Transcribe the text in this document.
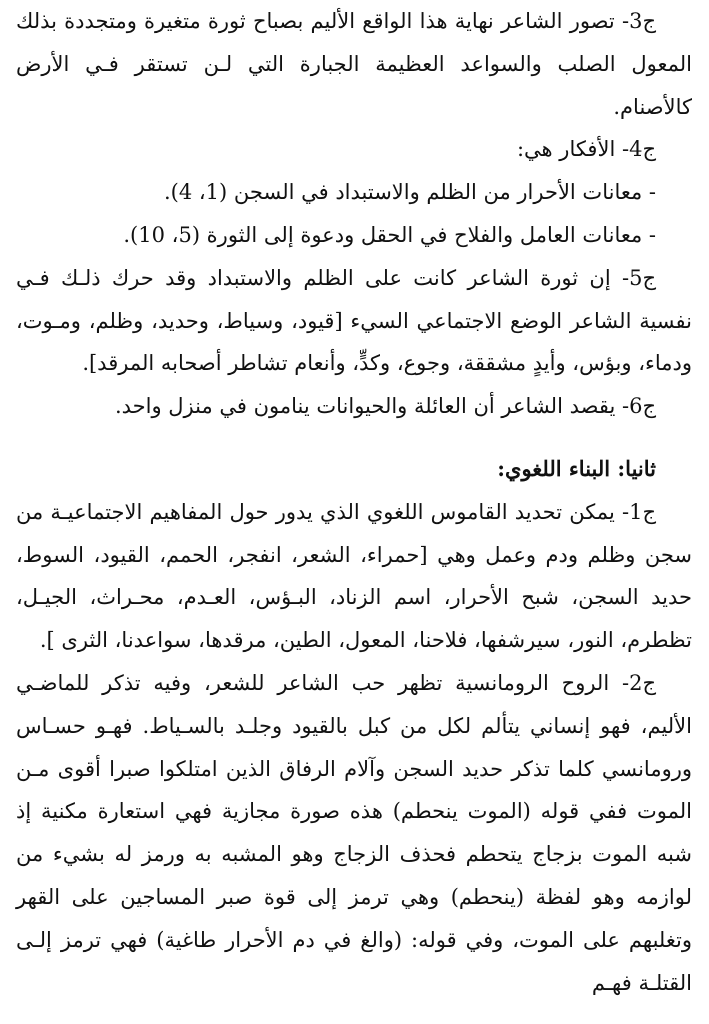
ج3- تصور الشاعر نهاية هذا الواقع الأليم بصباح ثورة متغيرة ومتجددة بذلك المعول الصلب والسواعد العظيمة الجبارة التي لـن تستقر فـي الأرض كالأصنام.

ج4- الأفكار هي:

- معانات الأحرار من الظلم والاستبداد في السجن (1، 4).

- معانات العامل والفلاح في الحقل ودعوة إلى الثورة (5، 10).

ج5- إن ثورة الشاعر كانت على الظلم والاستبداد وقد حرك ذلـك فـي نفسية الشاعر الوضع الاجتماعي السيء [قيود، وسياط، وحديد، وظلم، ومـوت، ودماء، وبؤس، وأيدٍ مشققة، وجوع، وكدٍّ، وأنعام تشاطر أصحابه المرقد].

ج6- يقصد الشاعر أن العائلة والحيوانات ينامون في منزل واحد.

ثانيا: البناء اللغوي:

ج1- يمكن تحديد القاموس اللغوي الذي يدور حول المفاهيم الاجتماعيـة من سجن وظلم ودم وعمل وهي [حمراء، الشعر، انفجر، الحمم، القيود، السوط، حديد السجن، شبح الأحرار، اسم الزناد، البـؤس، العـدم، محـراث، الجيـل، تظطرم، النور، سيرشفها، فلاحنا، المعول، الطين، مرقدها، سواعدنا، الثرى ].

ج2- الروح الرومانسية تظهر حب الشاعر للشعر، وفيه تذكر للماضـي الأليم، فهو إنساني يتألم لكل من كبل بالقيود وجلـد بالسـياط. فهـو حسـاس ورومانسي كلما تذكر حديد السجن وآلام الرفاق الذين امتلكوا صبرا أقوى مـن الموت ففي قوله (الموت ينحطم) هذه صورة مجازية فهي استعارة مكنية إذ شبه الموت بزجاج يتحطم فحذف الزجاج وهو المشبه به ورمز له بشيء من لوازمه وهو لفظة (ينحطم) وهي ترمز إلى قوة صبر المساجين على القهر وتغلبهم على الموت، وفي قوله: (والغ في دم الأحرار طاغية) فهي ترمز إلـى القتلـة فهـم
